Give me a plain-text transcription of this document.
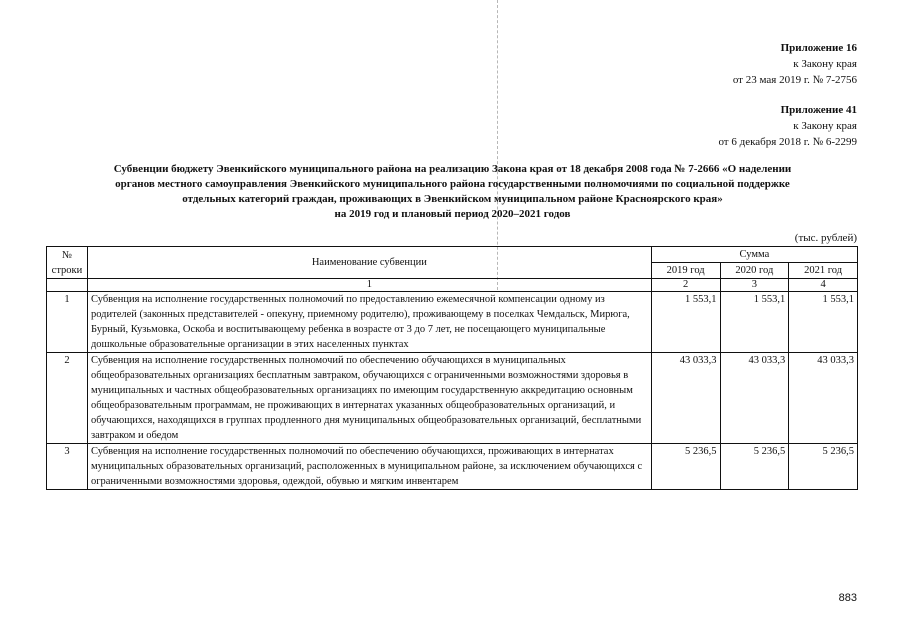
Приложение 16
к Закону края
от 23 мая 2019 г. № 7-2756
Приложение 41
к Закону края
от 6 декабря 2018 г. № 6-2299
Субвенции бюджету Эвенкийского муниципального района на реализацию Закона края от 18 декабря 2008 года № 7-2666 «О наделении
органов местного самоуправления Эвенкийского муниципального района государственными полномочиями по социальной поддержке
отдельных категорий граждан, проживающих в Эвенкийском муниципальном районе Красноярского края»
на 2019 год и плановый период 2020–2021 годов
(тыс. рублей)
№
строки	Наименование субвенции	Сумма		
		2019 год	2020 год	2021 год
	1	2	3	4
1	Субвенция на исполнение государственных полномочий по предоставлению ежемесячной компенсации одному из родителей (законных представителей - опекуну, приемному родителю), проживающему в поселках Чемдальск, Мирюга, Бурный, Кузьмовка, Оскоба и воспитывающему ребенка в возрасте от 3 до 7 лет, не посещающего муниципальные дошкольные образовательные организации в этих населенных пунктах	1 553,1	1 553,1	1 553,1
2	Субвенция на исполнение государственных полномочий по обеспечению обучающихся в муниципальных общеобразовательных организациях бесплатным завтраком, обучающихся с ограниченными возможностями здоровья в муниципальных и частных общеобразовательных организациях по имеющим государственную аккредитацию основным общеобразовательным программам, не проживающих в интернатах указанных общеобразовательных организаций, и обучающихся, находящихся в группах продленного дня муниципальных общеобразовательных организаций, бесплатными завтраком и обедом	43 033,3	43 033,3	43 033,3
3	Субвенция на исполнение государственных полномочий по обеспечению обучающихся, проживающих в интернатах муниципальных образовательных организаций, расположенных в муниципальном районе, за исключением обучающихся с ограниченными возможностями здоровья, одеждой, обувью и мягким инвентарем	5 236,5	5 236,5	5 236,5
883
